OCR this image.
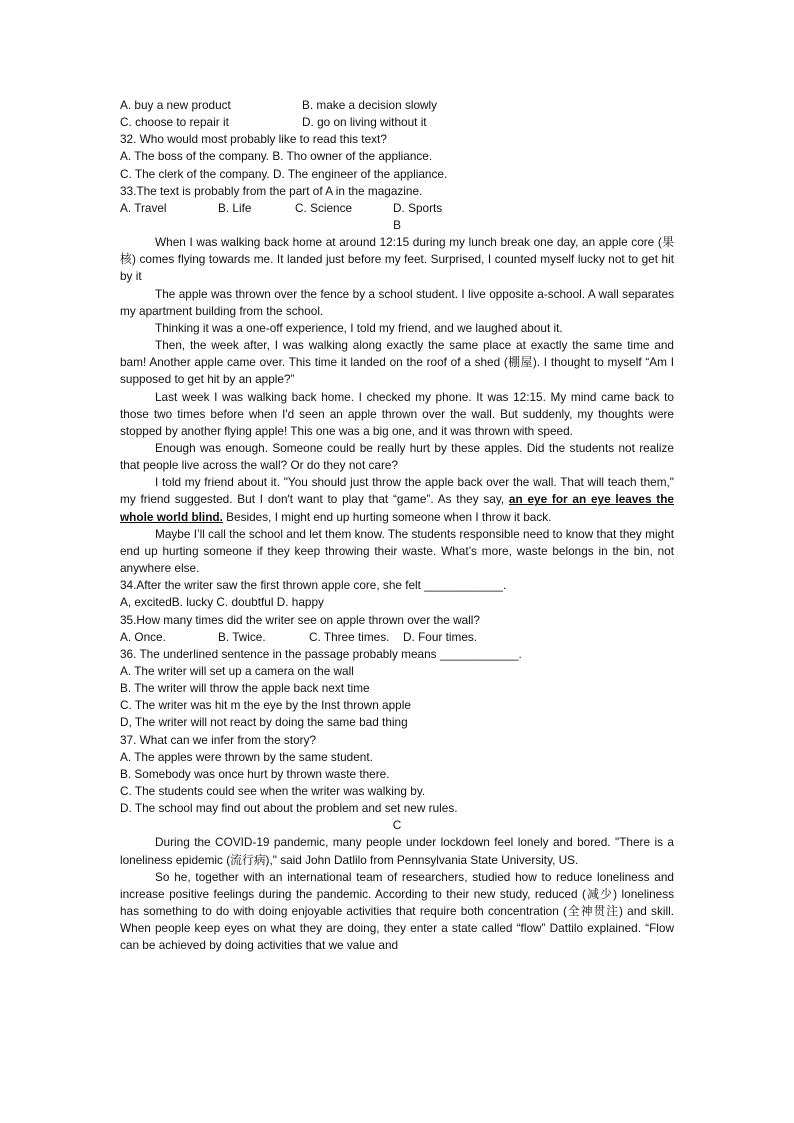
A. buy a new product	B. make a decision slowly
C. choose to repair it	D. go on living without it
32. Who would most probably like to read this text?
A. The boss of the company. B. Tho owner of the appliance.
C. The clerk of the company. D. The engineer of the appliance.
33.The text is probably from the part of A in the magazine.
A. Travel	B. Life	C. Science	D. Sports
B
When I was walking back home at around 12:15 during my lunch break one day, an apple core (果核) comes flying towards me. It landed just before my feet. Surprised, I counted myself lucky not to get hit by it
The apple was thrown over the fence by a school student. I live opposite a-school. A wall separates my apartment building from the school.
Thinking it was a one-off experience, I told my friend, and we laughed about it.
Then, the week after, I was walking along exactly the same place at exactly the same time and bam! Another apple came over. This time it landed on the roof of a shed (棚屋). I thought to myself “Am I supposed to get hit by an apple?”
Last week I was walking back home. I checked my phone. It was 12:15. My mind came back to those two times before when I'd seen an apple thrown over the wall. But suddenly, my thoughts were stopped by another flying apple! This one was a big one, and it was thrown with speed.
Enough was enough. Someone could be really hurt by these apples. Did the students not realize that people live across the wall? Or do they not care?
I told my friend about it. "You should just throw the apple back over the wall. That will teach them," my friend suggested. But I don't want to play that “game”. As they say, an eye for an eye leaves the whole world blind. Besides, I might end up hurting someone when I throw it back.
Maybe I’ll call the school and let them know. The students responsible need to know that they might end up hurting someone if they keep throwing their waste. What’s more, waste belongs in the bin, not anywhere else.
34.After the writer saw the first thrown apple core, she felt ____________.
A, excitedB. lucky C. doubtful D. happy
35.How many times did the writer see on apple thrown over the wall?
A. Once.	B. Twice.	C. Three times. D. Four times.
36. The underlined sentence in the passage probably means ____________.
A. The writer will set up a camera on the wall
B. The writer will throw the apple back next time
C. The writer was hit m the eye by the Inst thrown apple
D, The writer will not react by doing the same bad thing
37. What can we infer from the story?
A. The apples were thrown by the same student.
B. Somebody was once hurt by thrown waste there.
C. The students could see when the writer was walking by.
D. The school may find out about the problem and set new rules.
C
During the COVID-19 pandemic, many people under lockdown feel lonely and bored. "There is a loneliness epidemic (流行病)," said John Datlilo from Pennsylvania State University, US.
So he, together with an international team of researchers, studied how to reduce loneliness and increase positive feelings during the pandemic. According to their new study, reduced (减少) loneliness has something to do with doing enjoyable activities that require both concentration (全神贯注) and skill. When people keep eyes on what they are doing, they enter a state called “flow” Dattilo explained. “Flow can be achieved by doing activities that we value and
